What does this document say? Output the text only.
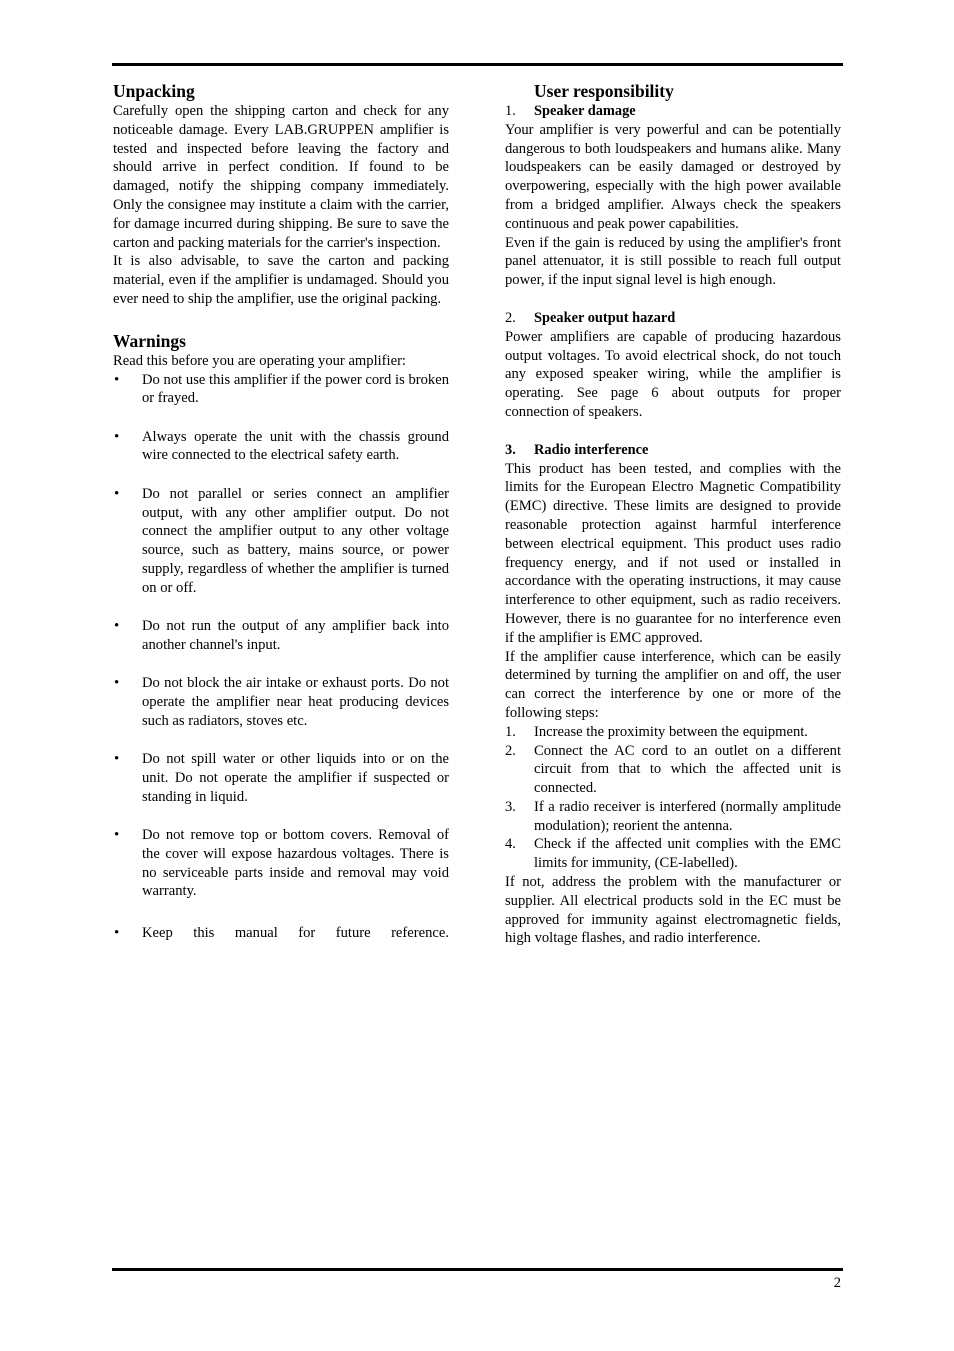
Unpacking

Carefully open the shipping carton and check for any noticeable damage. Every LAB.GRUPPEN amplifier is tested and inspected before leaving the factory and should arrive in perfect condition. If found to be damaged, notify the shipping company immediately. Only the consignee may institute a claim with the carrier, for damage incurred during shipping. Be sure to save the carton and packing materials for the carrier's inspection.

It is also advisable, to save the carton and packing material, even if the amplifier is undamaged. Should you ever need to ship the amplifier, use the original packing.

Warnings

Read this before you are operating your amplifier:

• Do not use this amplifier if the power cord is broken or frayed.
• Always operate the unit with the chassis ground wire connected to the electrical safety earth.
• Do not parallel or series connect an amplifier output, with any other amplifier output. Do not connect the amplifier output to any other voltage source, such as battery, mains source, or power supply, regardless of whether the amplifier is turned on or off.
• Do not run the output of any amplifier back into another channel's input.
• Do not block the air intake or exhaust ports. Do not operate the amplifier near heat producing devices such as radiators, stoves etc.
• Do not spill water or other liquids into or on the unit. Do not operate the amplifier if suspected or standing in liquid.
• Do not remove top or bottom covers. Removal of the cover will expose hazardous voltages. There is no serviceable parts inside and removal may void warranty.
• Keep this manual for future reference.
User responsibility
1.	Speaker damage

Your amplifier is very powerful and can be potentially dangerous to both loudspeakers and humans alike. Many loudspeakers can be easily damaged or destroyed by overpowering, especially with the high power available from a bridged amplifier. Always check the speakers continuous and peak power capabilities.

Even if the gain is reduced by using the amplifier's front panel attenuator, it is still possible to reach full output power, if the input signal level is high enough.

2.	Speaker output hazard

Power amplifiers are capable of producing hazardous output voltages. To avoid electrical shock, do not touch any exposed speaker wiring, while the amplifier is operating. See page 6 about outputs for proper connection of speakers.

3.	Radio interference

This product has been tested, and complies with the limits for the European Electro Magnetic Compatibility (EMC) directive. These limits are designed to provide reasonable protection against harmful interference between electrical equipment. This product uses radio frequency energy, and if not used or installed in accordance with the operating instructions, it may cause interference to other equipment, such as radio receivers. However, there is no guarantee for no interference even if the amplifier is EMC approved.

If the amplifier cause interference, which can be easily determined by turning the amplifier on and off, the user can correct the interference by one or more of the following steps:

1. Increase the proximity between the equipment.
2. Connect the AC cord to an outlet on a different circuit from that to which the affected unit is connected.
3. If a radio receiver is interfered (normally amplitude modulation); reorient the antenna.
4. Check if the affected unit complies with the EMC limits for immunity, (CE-labelled).

If not, address the problem with the manufacturer or supplier. All electrical products sold in the EC must be approved for immunity against electromagnetic fields, high voltage flashes, and radio interference.

2
